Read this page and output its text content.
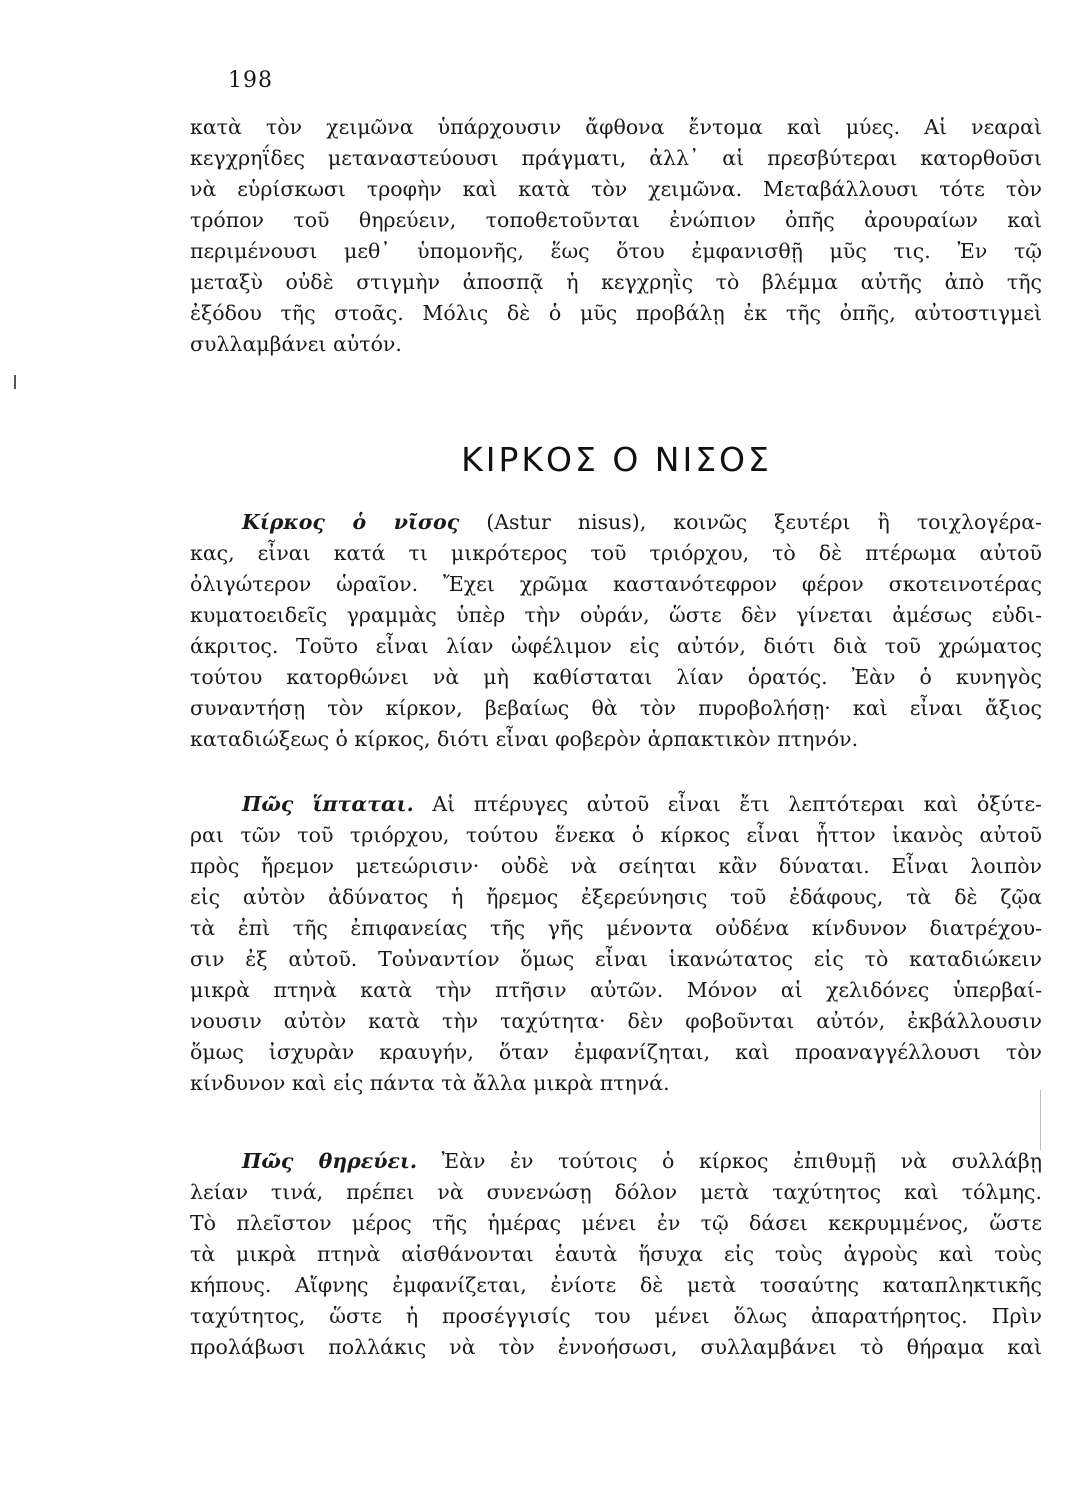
198
κατὰ τὸν χειμῶνα ὑπάρχουσιν ἄφθονα ἔντομα καὶ μύες. Αἱ νεαραὶ
κεγχρηΐδες μεταναστεύουσι πράγματι, ἀλλ᾽ αἱ πρεσβύτεραι κατορθοῦσι
νὰ εὑρίσκωσι τροφὴν καὶ κατὰ τὸν χειμῶνα. Μεταβάλλουσι τότε τὸν
τρόπον τοῦ θηρεύειν, τοποθετοῦνται ἐνώπιον ὀπῆς ἀρουραίων καὶ
περιμένουσι μεθ᾽ ὑπομονῆς, ἕως ὅτου ἐμφανισθῇ μῦς τις. Ἐν τῷ
μεταξὺ οὐδὲ στιγμὴν ἀποσπᾷ ἡ κεγχρηῒς τὸ βλέμμα αὐτῆς ἀπὸ τῆς
ἐξόδου τῆς στοᾶς. Μόλις δὲ ὁ μῦς προβάλῃ ἐκ τῆς ὀπῆς, αὐτοστιγμεὶ
συλλαμβάνει αὐτόν.
ΚΙΡΚΟΣ Ο ΝΙΣΟΣ
Κίρκος ὁ νῖσος (Astur nisus), κοινῶς ξευτέρι ἢ τοιχλογέρα-
κας, εἶναι κατά τι μικρότερος τοῦ τριόρχου, τὸ δὲ πτέρωμα αὐτοῦ
ὀλιγώτερον ὡραῖον. Ἔχει χρῶμα καστανότεφρον φέρον σκοτεινοτέρας
κυματοειδεῖς γραμμὰς ὑπὲρ τὴν οὐράν, ὥστε δὲν γίνεται ἀμέσως εὐδι-
άκριτος. Τοῦτο εἶναι λίαν ὠφέλιμον εἰς αὐτόν, διότι διὰ τοῦ χρώματος
τούτου κατορθώνει νὰ μὴ καθίσταται λίαν ὁρατός. Ἐὰν ὁ κυνηγὸς
συναντήσῃ τὸν κίρκον, βεβαίως θὰ τὸν πυροβολήσῃ· καὶ εἶναι ἄξιος
καταδιώξεως ὁ κίρκος, διότι εἶναι φοβερὸν ἁρπακτικὸν πτηνόν.
Πῶς ἵπταται. Αἱ πτέρυγες αὐτοῦ εἶναι ἔτι λεπτότεραι καὶ ὀξύτε-
ραι τῶν τοῦ τριόρχου, τούτου ἕνεκα ὁ κίρκος εἶναι ἧττον ἱκανὸς αὐτοῦ
πρὸς ἤρεμον μετεώρισιν· οὐδὲ νὰ σείηται κἂν δύναται. Εἶναι λοιπὸν
εἰς αὐτὸν ἀδύνατος ἡ ἤρεμος ἐξερεύνησις τοῦ ἐδάφους, τὰ δὲ ζῷα
τὰ ἐπὶ τῆς ἐπιφανείας τῆς γῆς μένοντα οὐδένα κίνδυνον διατρέχου-
σιν ἐξ αὐτοῦ. Τοὐναντίον ὅμως εἶναι ἱκανώτατος εἰς τὸ καταδιώκειν
μικρὰ πτηνὰ κατὰ τὴν πτῆσιν αὐτῶν. Μόνον αἱ χελιδόνες ὑπερβαί-
νουσιν αὐτὸν κατὰ τὴν ταχύτητα· δὲν φοβοῦνται αὐτόν, ἐκβάλλουσιν
ὅμως ἰσχυρὰν κραυγήν, ὅταν ἐμφανίζηται, καὶ προαναγγέλλουσι τὸν
κίνδυνον καὶ εἰς πάντα τὰ ἄλλα μικρὰ πτηνά.
Πῶς θηρεύει. Ἐὰν ἐν τούτοις ὁ κίρκος ἐπιθυμῇ νὰ συλλάβῃ
λείαν τινά, πρέπει νὰ συνενώσῃ δόλον μετὰ ταχύτητος καὶ τόλμης.
Τὸ πλεῖστον μέρος τῆς ἡμέρας μένει ἐν τῷ δάσει κεκρυμμένος, ὥστε
τὰ μικρὰ πτηνὰ αἰσθάνονται ἑαυτὰ ἥσυχα εἰς τοὺς ἀγροὺς καὶ τοὺς
κήπους. Αἴφνης ἐμφανίζεται, ἐνίοτε δὲ μετὰ τοσαύτης καταπληκτικῆς
ταχύτητος, ὥστε ἡ προσέγγισίς του μένει ὅλως ἀπαρατήρητος. Πρὶν
προλάβωσι πολλάκις νὰ τὸν ἐννοήσωσι, συλλαμβάνει τὸ θήραμα καὶ
